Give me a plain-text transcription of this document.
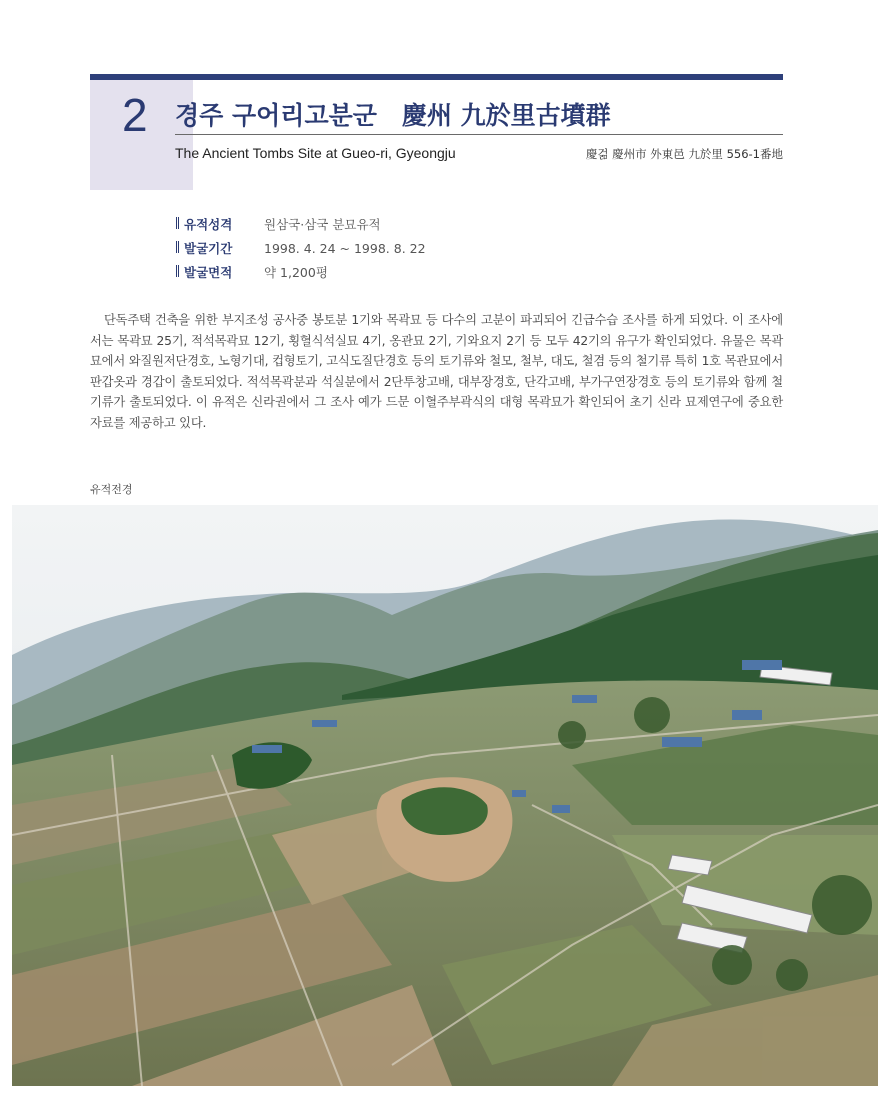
2 경주 구어리고분군　慶州 九於里古墳群
The Ancient Tombs Site at Gueo-ri, Gyeongju	慶걺 慶州市 外東邑 九於里 556-1番地
유적성격	원삼국·삼국 분묘유적
발굴기간	1998. 4. 24 ~ 1998. 8. 22
발굴면적	약 1,200평

단독주택 건축을 위한 부지조성 공사중 봉토분 1기와 목곽묘 등 다수의 고분이 파괴되어 긴급수습 조사를 하게 되었다. 이 조사에서는 목곽묘 25기, 적석목곽묘 12기, 횡혈식석실묘 4기, 옹관묘 2기, 기와요지 2기 등 모두 42기의 유구가 확인되었다. 유물은 목곽묘에서 와질원저단경호, 노형기대, 컵형토기, 고식도질단경호 등의 토기류와 철모, 철부, 대도, 철겸 등의 철기류 특히 1호 목관묘에서 판갑옷과 경갑이 출토되었다. 적석목곽분과 석실분에서 2단투창고배, 대부장경호, 단각고배, 부가구연장경호 등의 토기류와 함께 철기류가 출토되었다. 이 유적은 신라권에서 그 조사 예가 드문 이혈주부곽식의 대형 목곽묘가 확인되어 초기 신라 묘제연구에 중요한 자료를 제공하고 있다.

유적전경
